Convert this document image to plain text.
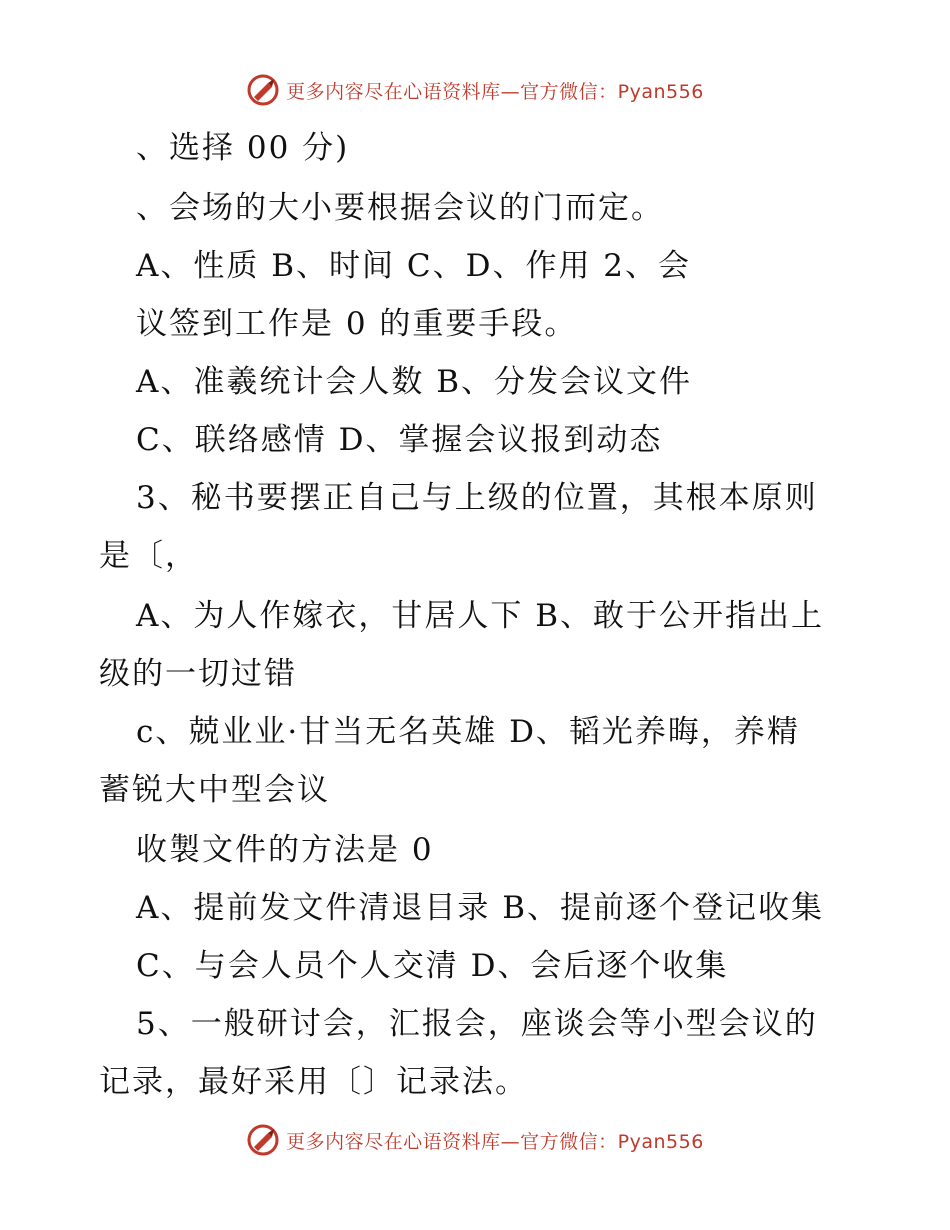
更多内容尽在心语资料库—官方微信：Pyan556
、选择 00 分)
、会场的大小要根据会议的门而定。
A、性质 B、时间 C、D、作用 2、会
议签到工作是 0 的重要手段。
A、准羲统计会人数 B、分发会议文件
C、联络感情 D、掌握会议报到动态
3、秘书要摆正自己与上级的位置，其根本原则
是〔，
A、为人作嫁衣，甘居人下 B、敢于公开指出上
级的一切过错
c、兢业业·甘当无名英雄 D、韬光养晦，养精
蓄锐大中型会议
收製文件的方法是 0
A、提前发文件清退目录 B、提前逐个登记收集
C、与会人员个人交清 D、会后逐个收集
5、一般研讨会，汇报会，座谈会等小型会议的
记录，最好采用〔〕记录法。
更多内容尽在心语资料库—官方微信：Pyan556
